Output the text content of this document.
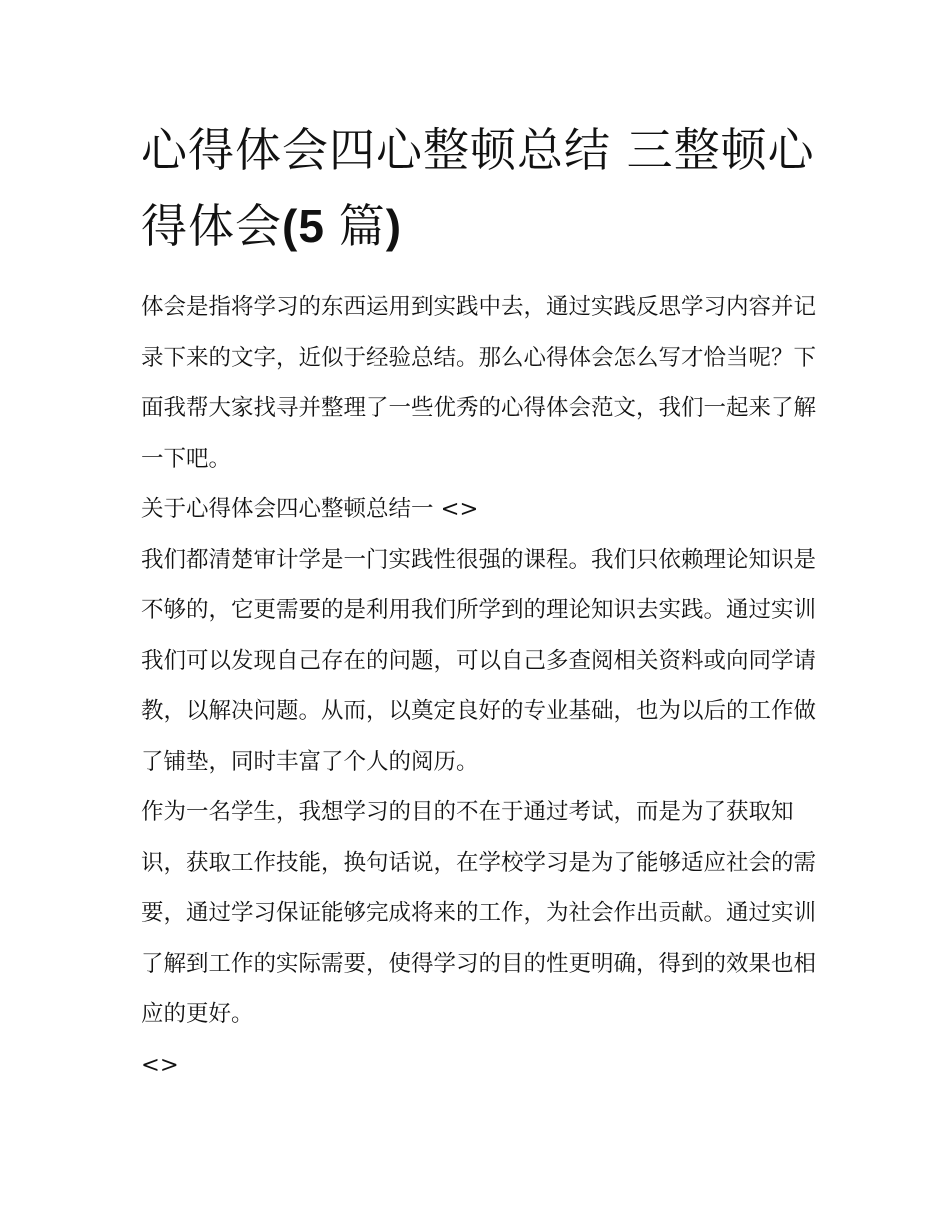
心得体会四心整顿总结 三整顿心得体会(5 篇)

体会是指将学习的东西运用到实践中去，通过实践反思学习内容并记录下来的文字，近似于经验总结。那么心得体会怎么写才恰当呢？下面我帮大家找寻并整理了一些优秀的心得体会范文，我们一起来了解一下吧。

关于心得体会四心整顿总结一 <>

我们都清楚审计学是一门实践性很强的课程。我们只依赖理论知识是不够的，它更需要的是利用我们所学到的理论知识去实践。通过实训我们可以发现自己存在的问题，可以自己多查阅相关资料或向同学请教，以解决问题。从而，以奠定良好的专业基础，也为以后的工作做了铺垫，同时丰富了个人的阅历。

作为一名学生，我想学习的目的不在于通过考试，而是为了获取知识，获取工作技能，换句话说，在学校学习是为了能够适应社会的需要，通过学习保证能够完成将来的工作，为社会作出贡献。通过实训了解到工作的实际需要，使得学习的目的性更明确，得到的效果也相应的更好。

<>
